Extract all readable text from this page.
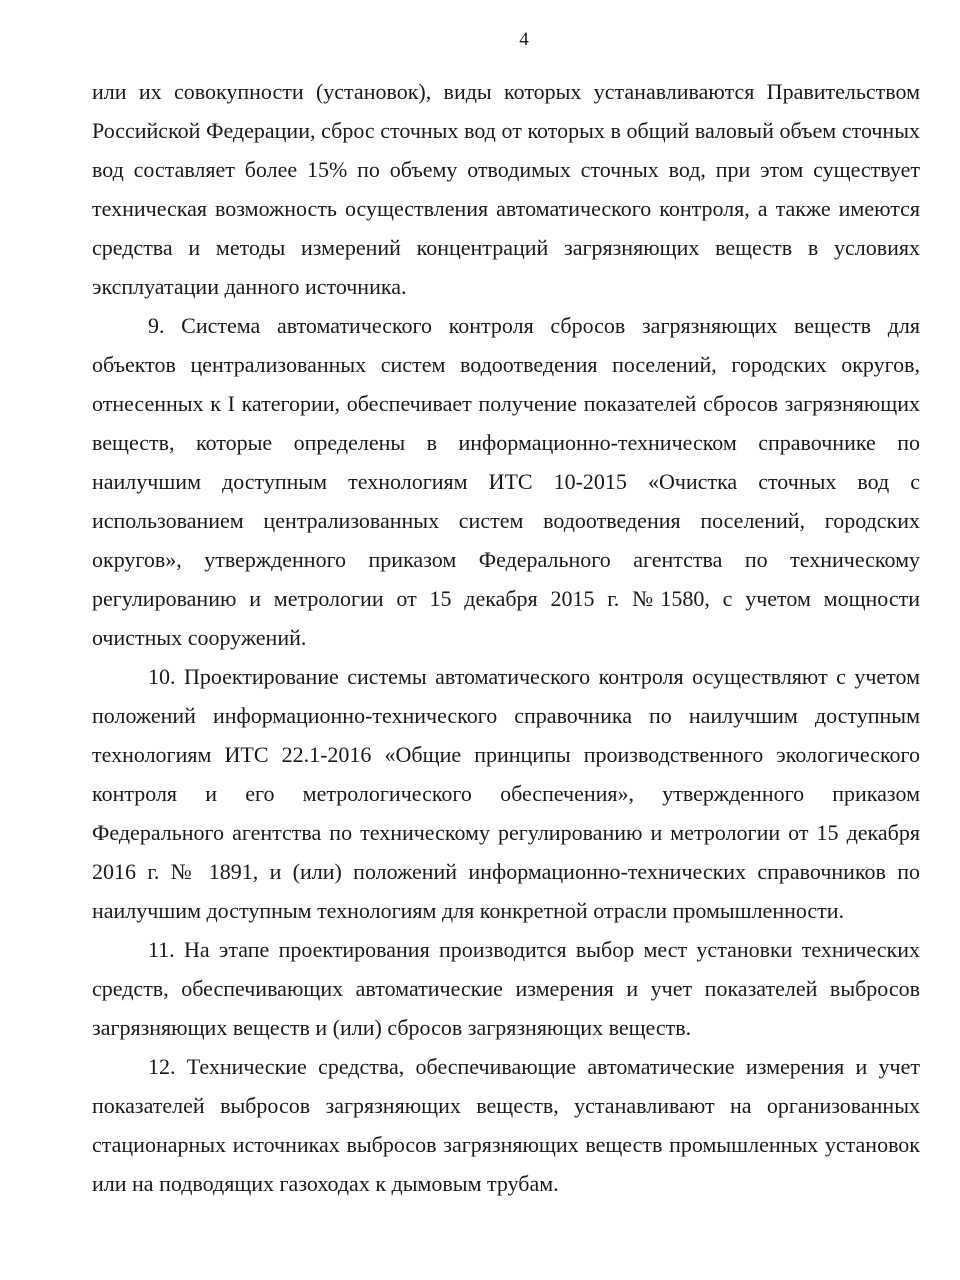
4

или их совокупности (установок), виды которых устанавливаются Правительством Российской Федерации, сброс сточных вод от которых в общий валовый объем сточных вод составляет более 15% по объему отводимых сточных вод, при этом существует техническая возможность осуществления автоматического контроля, а также имеются средства и методы измерений концентраций загрязняющих веществ в условиях эксплуатации данного источника.

9. Система автоматического контроля сбросов загрязняющих веществ для объектов централизованных систем водоотведения поселений, городских округов, отнесенных к I категории, обеспечивает получение показателей сбросов загрязняющих веществ, которые определены в информационно-техническом справочнике по наилучшим доступным технологиям ИТС 10-2015 «Очистка сточных вод с использованием централизованных систем водоотведения поселений, городских округов», утвержденного приказом Федерального агентства по техническому регулированию и метрологии от 15 декабря 2015 г. №1580, с учетом мощности очистных сооружений.

10. Проектирование системы автоматического контроля осуществляют с учетом положений информационно-технического справочника по наилучшим доступным технологиям ИТС 22.1-2016 «Общие принципы производственного экологического контроля и его метрологического обеспечения», утвержденного приказом Федерального агентства по техническому регулированию и метрологии от 15 декабря 2016 г. № 1891, и (или) положений информационно-технических справочников по наилучшим доступным технологиям для конкретной отрасли промышленности.

11. На этапе проектирования производится выбор мест установки технических средств, обеспечивающих автоматические измерения и учет показателей выбросов загрязняющих веществ и (или) сбросов загрязняющих веществ.

12. Технические средства, обеспечивающие автоматические измерения и учет показателей выбросов загрязняющих веществ, устанавливают на организованных стационарных источниках выбросов загрязняющих веществ промышленных установок или на подводящих газоходах к дымовым трубам.
